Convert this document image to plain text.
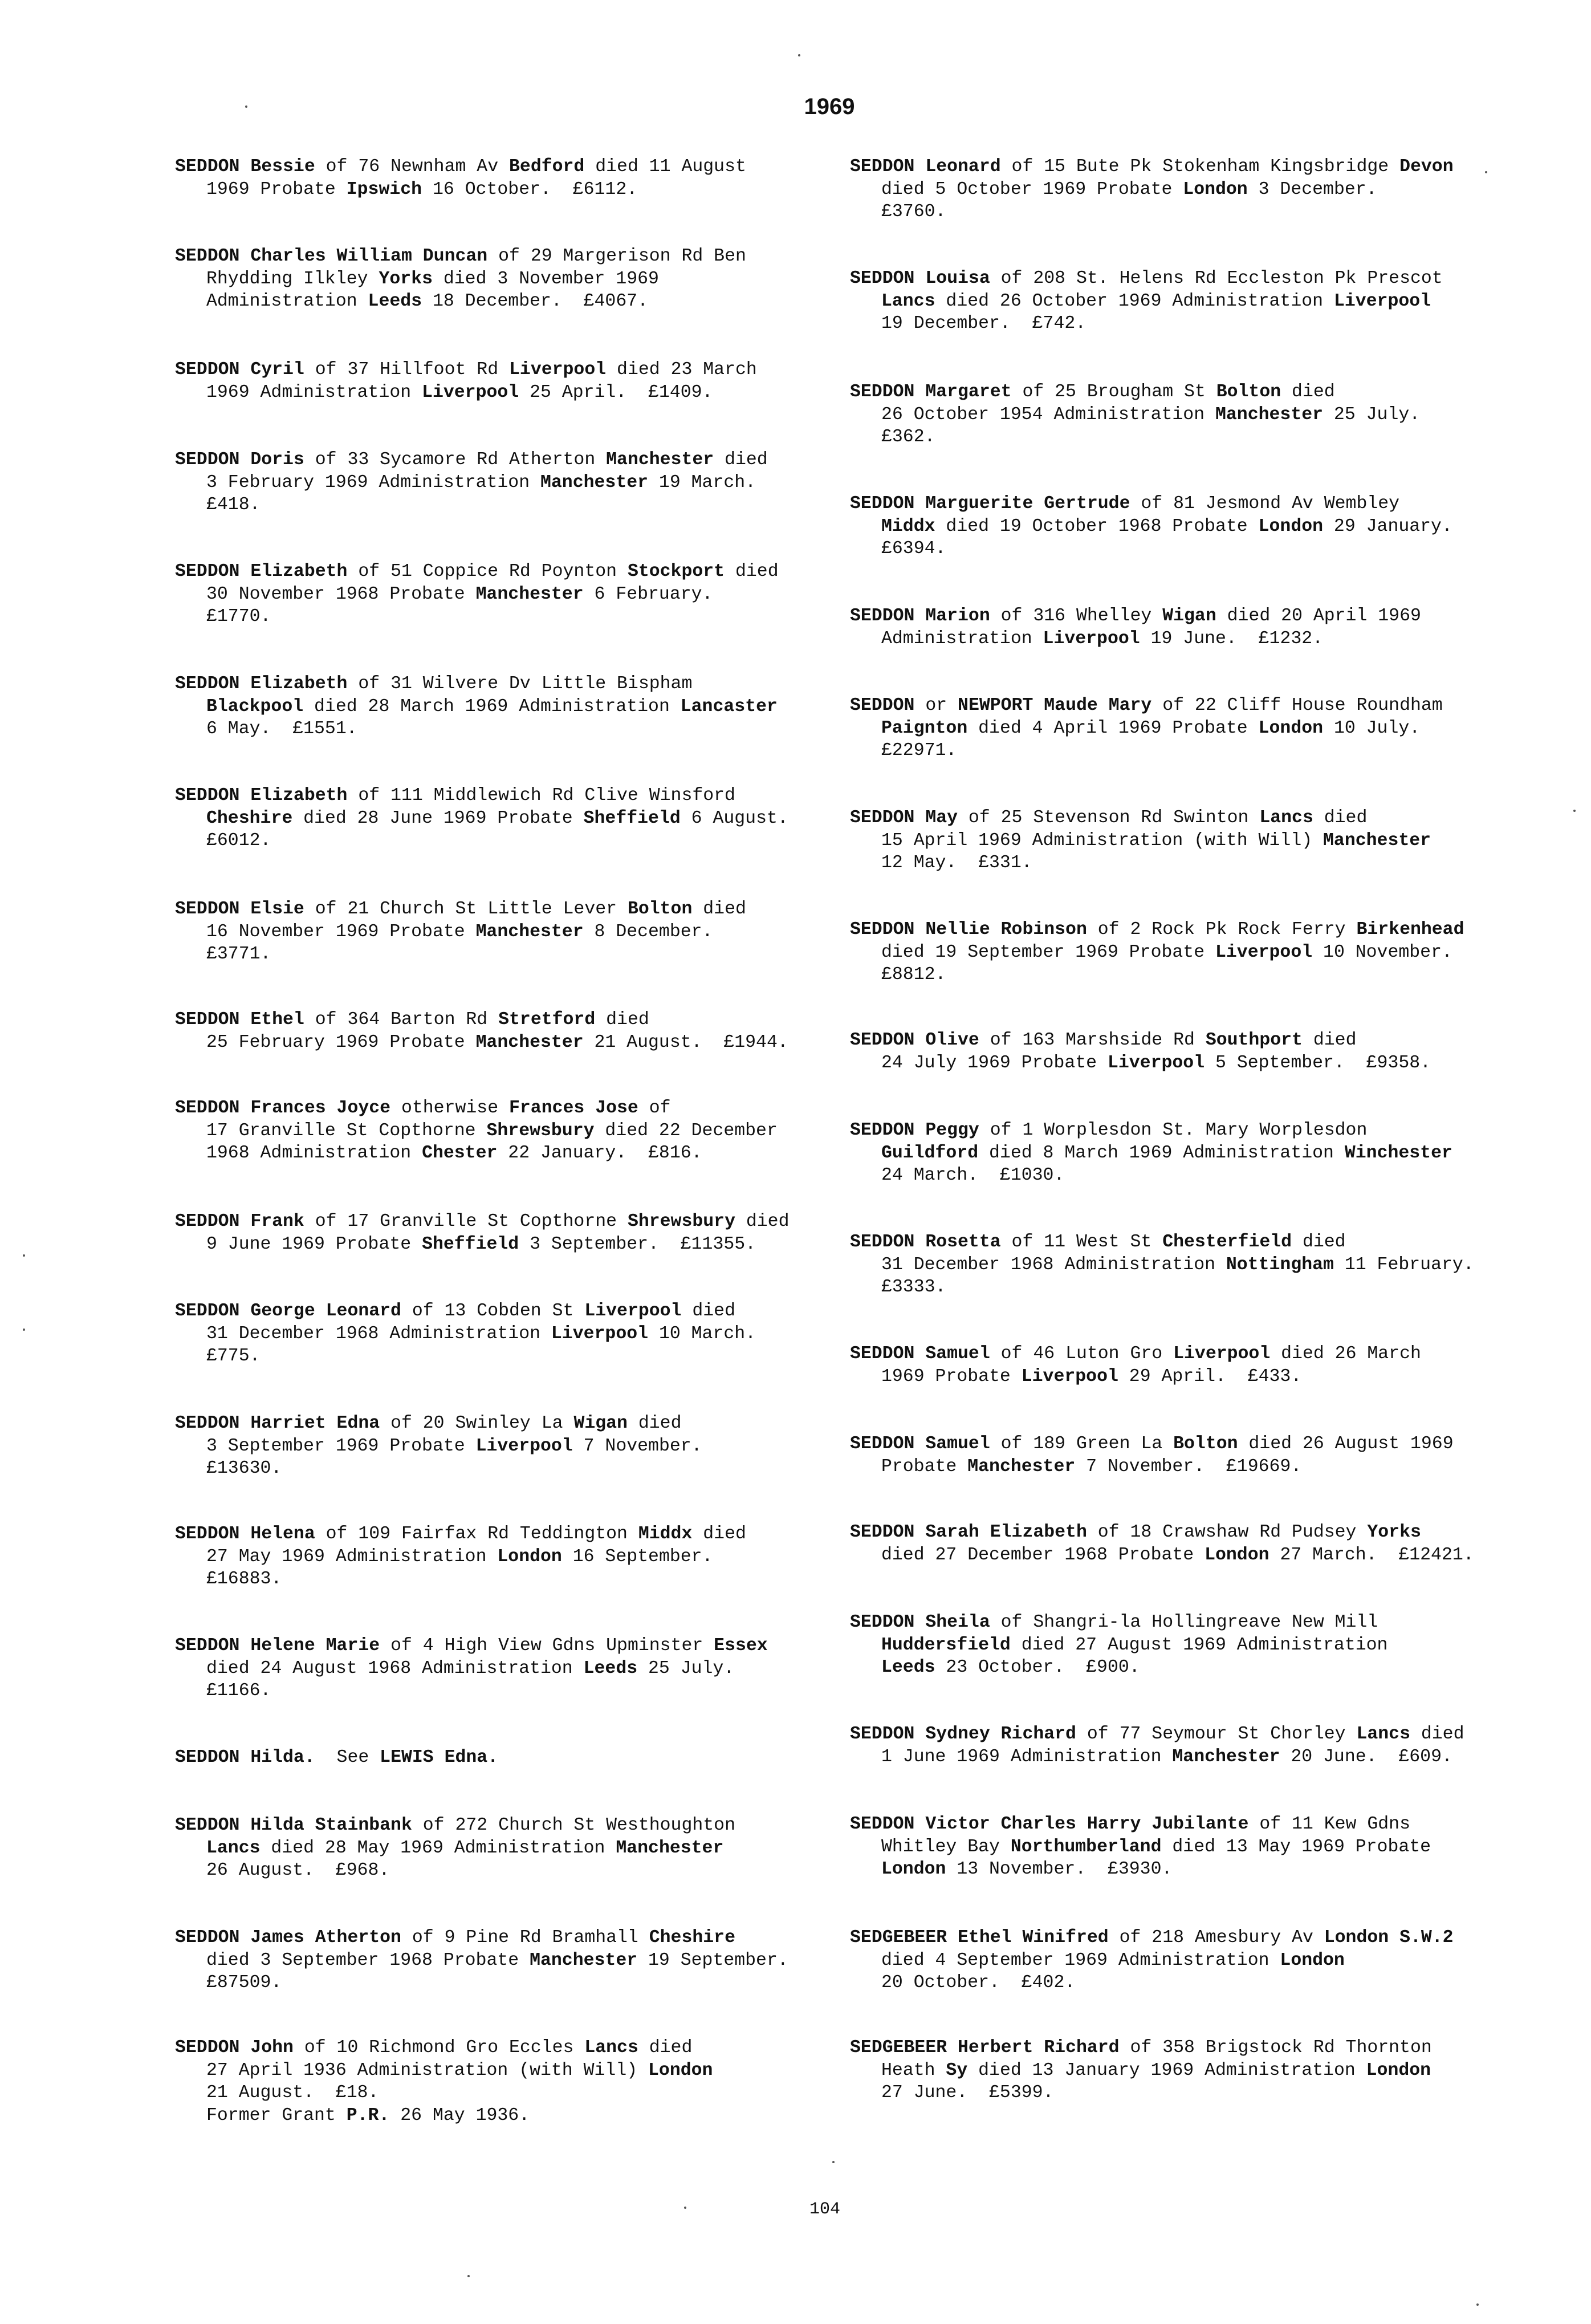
1969
SEDDON Bessie of 76 Newnham Av Bedford died 11 August
1969 Probate Ipswich 16 October.  £6112.
SEDDON Charles William Duncan of 29 Margerison Rd Ben
Rhydding Ilkley Yorks died 3 November 1969
Administration Leeds 18 December.  £4067.
SEDDON Cyril of 37 Hillfoot Rd Liverpool died 23 March
1969 Administration Liverpool 25 April.  £1409.
SEDDON Doris of 33 Sycamore Rd Atherton Manchester died
3 February 1969 Administration Manchester 19 March.
£418.
SEDDON Elizabeth of 51 Coppice Rd Poynton Stockport died
30 November 1968 Probate Manchester 6 February.
£1770.
SEDDON Elizabeth of 31 Wilvere Dv Little Bispham
Blackpool died 28 March 1969 Administration Lancaster
6 May.  £1551.
SEDDON Elizabeth of 111 Middlewich Rd Clive Winsford
Cheshire died 28 June 1969 Probate Sheffield 6 August.
£6012.
SEDDON Elsie of 21 Church St Little Lever Bolton died
16 November 1969 Probate Manchester 8 December.
£3771.
SEDDON Ethel of 364 Barton Rd Stretford died
25 February 1969 Probate Manchester 21 August.  £1944.
SEDDON Frances Joyce otherwise Frances Jose of
17 Granville St Copthorne Shrewsbury died 22 December
1968 Administration Chester 22 January.  £816.
SEDDON Frank of 17 Granville St Copthorne Shrewsbury died
9 June 1969 Probate Sheffield 3 September.  £11355.
SEDDON George Leonard of 13 Cobden St Liverpool died
31 December 1968 Administration Liverpool 10 March.
£775.
SEDDON Harriet Edna of 20 Swinley La Wigan died
3 September 1969 Probate Liverpool 7 November.
£13630.
SEDDON Helena of 109 Fairfax Rd Teddington Middx died
27 May 1969 Administration London 16 September.
£16883.
SEDDON Helene Marie of 4 High View Gdns Upminster Essex
died 24 August 1968 Administration Leeds 25 July.
£1166.
SEDDON Hilda.  See LEWIS Edna.
SEDDON Hilda Stainbank of 272 Church St Westhoughton
Lancs died 28 May 1969 Administration Manchester
26 August.  £968.
SEDDON James Atherton of 9 Pine Rd Bramhall Cheshire
died 3 September 1968 Probate Manchester 19 September.
£87509.
SEDDON John of 10 Richmond Gro Eccles Lancs died
27 April 1936 Administration (with Will) London
21 August.  £18.
Former Grant P.R. 26 May 1936.
SEDDON Leonard of 15 Bute Pk Stokenham Kingsbridge Devon
died 5 October 1969 Probate London 3 December.
£3760.
SEDDON Louisa of 208 St. Helens Rd Eccleston Pk Prescot
Lancs died 26 October 1969 Administration Liverpool
19 December.  £742.
SEDDON Margaret of 25 Brougham St Bolton died
26 October 1954 Administration Manchester 25 July.
£362.
SEDDON Marguerite Gertrude of 81 Jesmond Av Wembley
Middx died 19 October 1968 Probate London 29 January.
£6394.
SEDDON Marion of 316 Whelley Wigan died 20 April 1969
Administration Liverpool 19 June.  £1232.
SEDDON or NEWPORT Maude Mary of 22 Cliff House Roundham
Paignton died 4 April 1969 Probate London 10 July.
£22971.
SEDDON May of 25 Stevenson Rd Swinton Lancs died
15 April 1969 Administration (with Will) Manchester
12 May.  £331.
SEDDON Nellie Robinson of 2 Rock Pk Rock Ferry Birkenhead
died 19 September 1969 Probate Liverpool 10 November.
£8812.
SEDDON Olive of 163 Marshside Rd Southport died
24 July 1969 Probate Liverpool 5 September.  £9358.
SEDDON Peggy of 1 Worplesdon St. Mary Worplesdon
Guildford died 8 March 1969 Administration Winchester
24 March.  £1030.
SEDDON Rosetta of 11 West St Chesterfield died
31 December 1968 Administration Nottingham 11 February.
£3333.
SEDDON Samuel of 46 Luton Gro Liverpool died 26 March
1969 Probate Liverpool 29 April.  £433.
SEDDON Samuel of 189 Green La Bolton died 26 August 1969
Probate Manchester 7 November.  £19669.
SEDDON Sarah Elizabeth of 18 Crawshaw Rd Pudsey Yorks
died 27 December 1968 Probate London 27 March.  £12421.
SEDDON Sheila of Shangri-la Hollingreave New Mill
Huddersfield died 27 August 1969 Administration
Leeds 23 October.  £900.
SEDDON Sydney Richard of 77 Seymour St Chorley Lancs died
1 June 1969 Administration Manchester 20 June.  £609.
SEDDON Victor Charles Harry Jubilante of 11 Kew Gdns
Whitley Bay Northumberland died 13 May 1969 Probate
London 13 November.  £3930.
SEDGEBEER Ethel Winifred of 218 Amesbury Av London S.W.2
died 4 September 1969 Administration London
20 October.  £402.
SEDGEBEER Herbert Richard of 358 Brigstock Rd Thornton
Heath Sy died 13 January 1969 Administration London
27 June.  £5399.
104
